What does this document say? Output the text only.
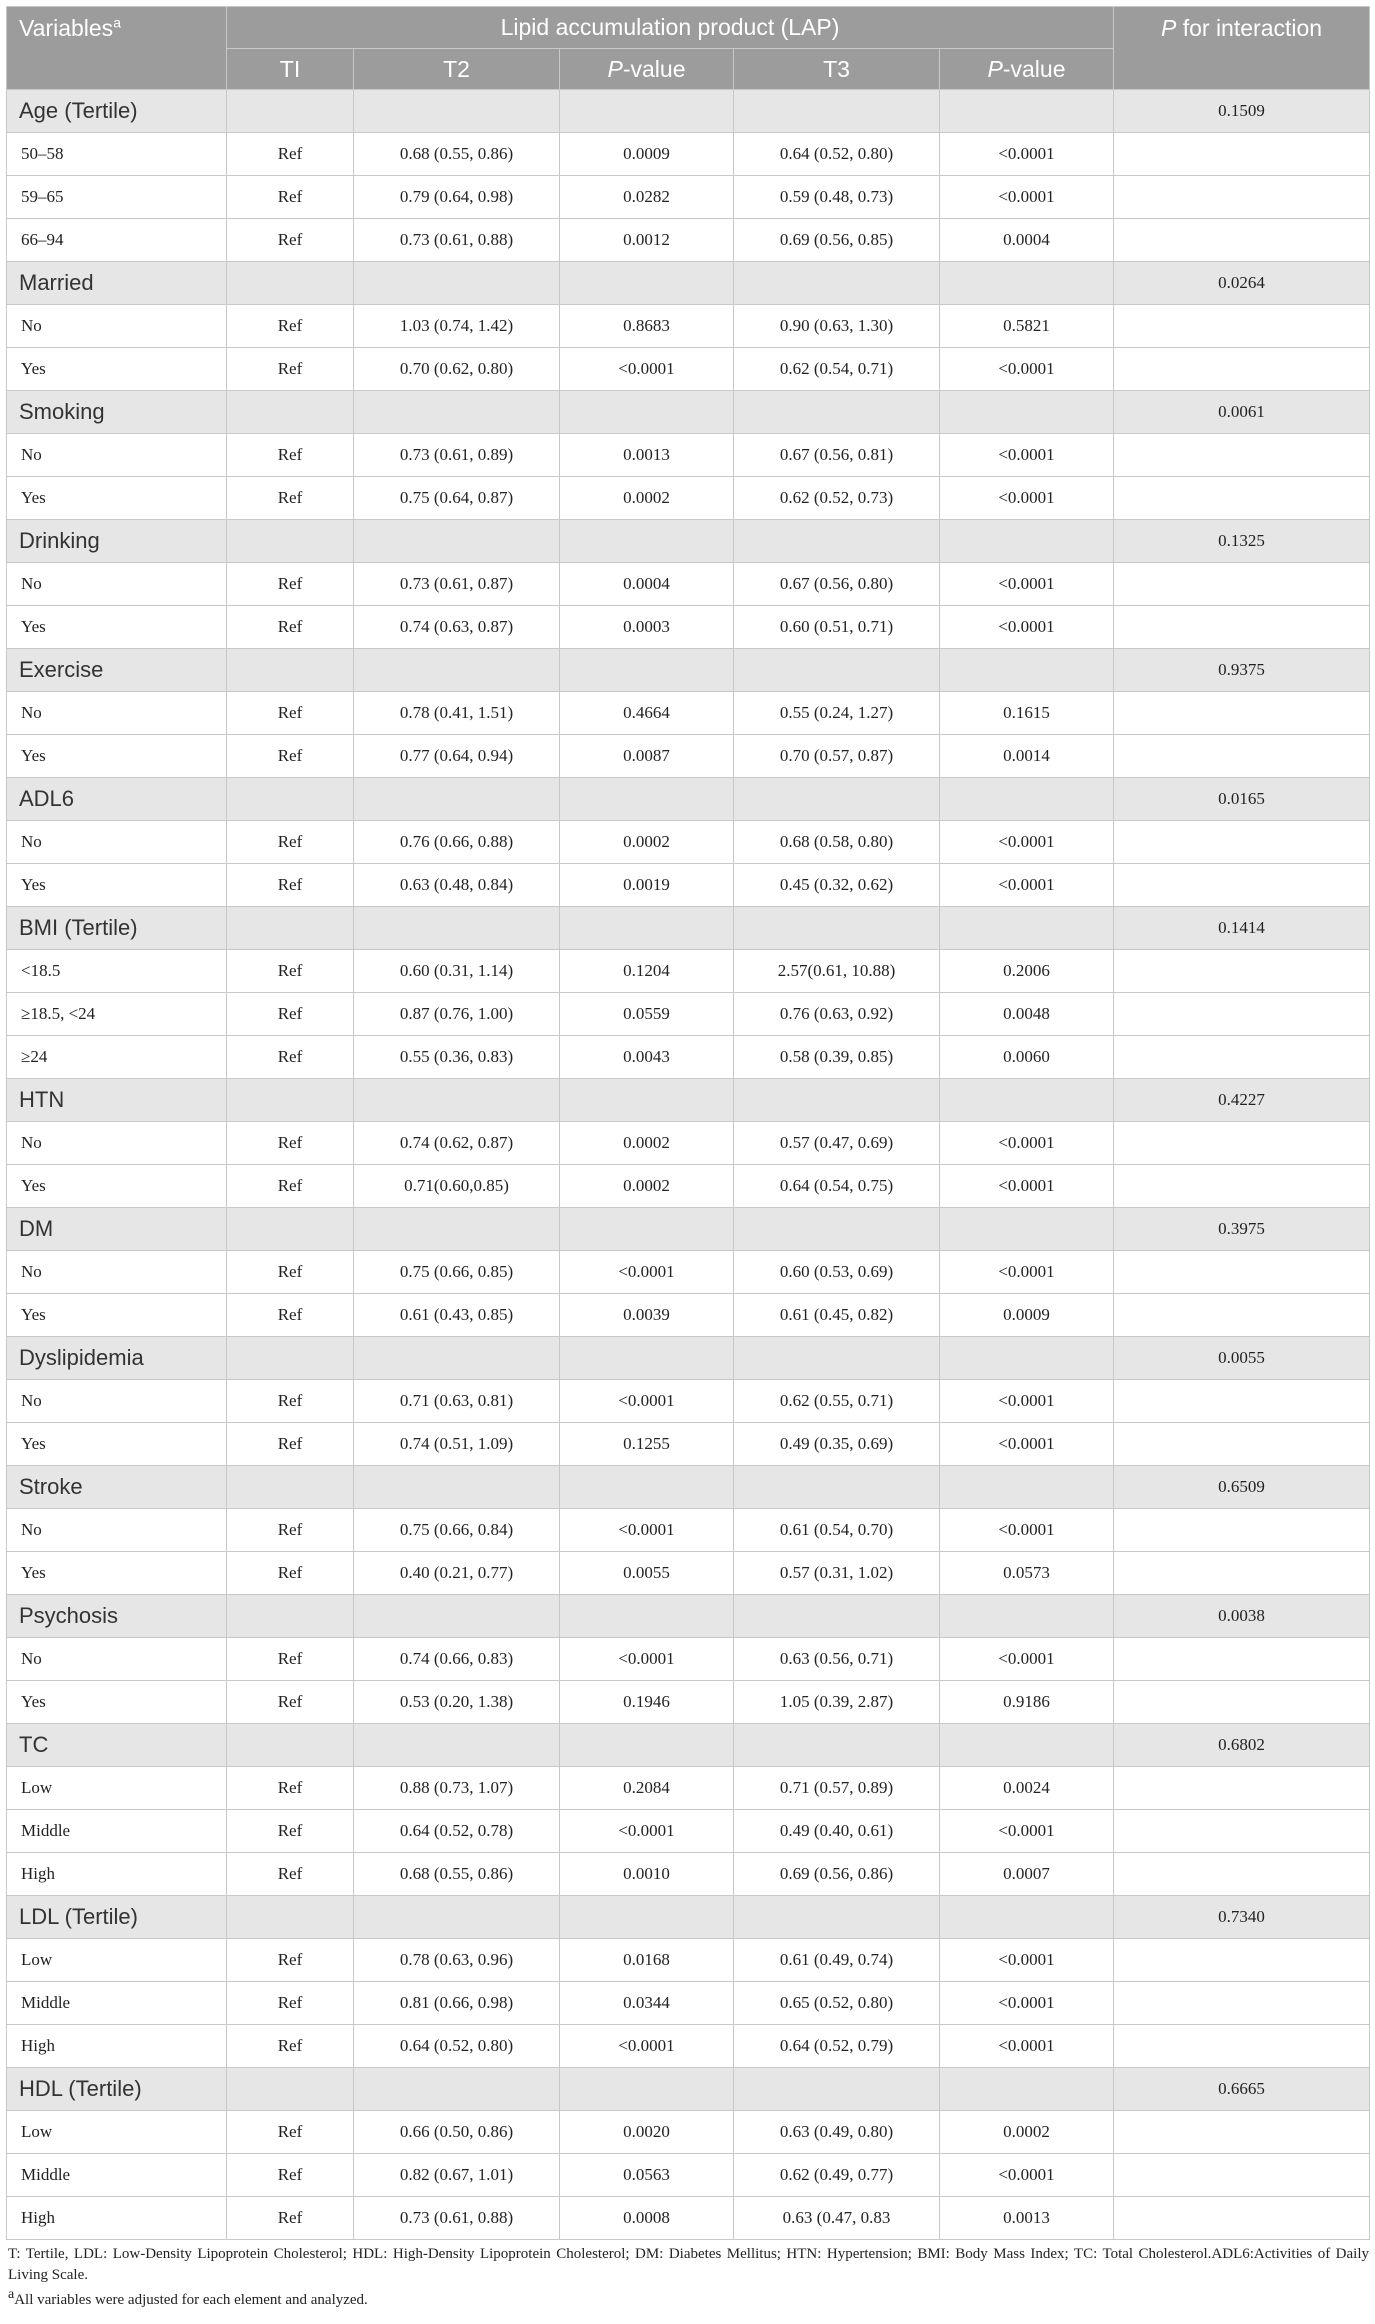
Variables$^a$	Lipid accumulation product (LAP)					P for interaction
	TI	T2	P-value	T3	P-value	
Age (Tertile)						0.1509
50–58	Ref	0.68 (0.55, 0.86)	0.0009	0.64 (0.52, 0.80)	<0.0001	
59–65	Ref	0.79 (0.64, 0.98)	0.0282	0.59 (0.48, 0.73)	<0.0001	
66–94	Ref	0.73 (0.61, 0.88)	0.0012	0.69 (0.56, 0.85)	0.0004	
Married						0.0264
No	Ref	1.03 (0.74, 1.42)	0.8683	0.90 (0.63, 1.30)	0.5821	
Yes	Ref	0.70 (0.62, 0.80)	<0.0001	0.62 (0.54, 0.71)	<0.0001	
Smoking						0.0061
No	Ref	0.73 (0.61, 0.89)	0.0013	0.67 (0.56, 0.81)	<0.0001	
Yes	Ref	0.75 (0.64, 0.87)	0.0002	0.62 (0.52, 0.73)	<0.0001	
Drinking						0.1325
No	Ref	0.73 (0.61, 0.87)	0.0004	0.67 (0.56, 0.80)	<0.0001	
Yes	Ref	0.74 (0.63, 0.87)	0.0003	0.60 (0.51, 0.71)	<0.0001	
Exercise						0.9375
No	Ref	0.78 (0.41, 1.51)	0.4664	0.55 (0.24, 1.27)	0.1615	
Yes	Ref	0.77 (0.64, 0.94)	0.0087	0.70 (0.57, 0.87)	0.0014	
ADL6						0.0165
No	Ref	0.76 (0.66, 0.88)	0.0002	0.68 (0.58, 0.80)	<0.0001	
Yes	Ref	0.63 (0.48, 0.84)	0.0019	0.45 (0.32, 0.62)	<0.0001	
BMI (Tertile)						0.1414
<18.5	Ref	0.60 (0.31, 1.14)	0.1204	2.57(0.61, 10.88)	0.2006	
≥18.5, <24	Ref	0.87 (0.76, 1.00)	0.0559	0.76 (0.63, 0.92)	0.0048	
≥24	Ref	0.55 (0.36, 0.83)	0.0043	0.58 (0.39, 0.85)	0.0060	
HTN						0.4227
No	Ref	0.74 (0.62, 0.87)	0.0002	0.57 (0.47, 0.69)	<0.0001	
Yes	Ref	0.71(0.60,0.85)	0.0002	0.64 (0.54, 0.75)	<0.0001	
DM						0.3975
No	Ref	0.75 (0.66, 0.85)	<0.0001	0.60 (0.53, 0.69)	<0.0001	
Yes	Ref	0.61 (0.43, 0.85)	0.0039	0.61 (0.45, 0.82)	0.0009	
Dyslipidemia						0.0055
No	Ref	0.71 (0.63, 0.81)	<0.0001	0.62 (0.55, 0.71)	<0.0001	
Yes	Ref	0.74 (0.51, 1.09)	0.1255	0.49 (0.35, 0.69)	<0.0001	
Stroke						0.6509
No	Ref	0.75 (0.66, 0.84)	<0.0001	0.61 (0.54, 0.70)	<0.0001	
Yes	Ref	0.40 (0.21, 0.77)	0.0055	0.57 (0.31, 1.02)	0.0573	
Psychosis						0.0038
No	Ref	0.74 (0.66, 0.83)	<0.0001	0.63 (0.56, 0.71)	<0.0001	
Yes	Ref	0.53 (0.20, 1.38)	0.1946	1.05 (0.39, 2.87)	0.9186	
TC						0.6802
Low	Ref	0.88 (0.73, 1.07)	0.2084	0.71 (0.57, 0.89)	0.0024	
Middle	Ref	0.64 (0.52, 0.78)	<0.0001	0.49 (0.40, 0.61)	<0.0001	
High	Ref	0.68 (0.55, 0.86)	0.0010	0.69 (0.56, 0.86)	0.0007	
LDL (Tertile)						0.7340
Low	Ref	0.78 (0.63, 0.96)	0.0168	0.61 (0.49, 0.74)	<0.0001	
Middle	Ref	0.81 (0.66, 0.98)	0.0344	0.65 (0.52, 0.80)	<0.0001	
High	Ref	0.64 (0.52, 0.80)	<0.0001	0.64 (0.52, 0.79)	<0.0001	
HDL (Tertile)						0.6665
Low	Ref	0.66 (0.50, 0.86)	0.0020	0.63 (0.49, 0.80)	0.0002	
Middle	Ref	0.82 (0.67, 1.01)	0.0563	0.62 (0.49, 0.77)	<0.0001	
High	Ref	0.73 (0.61, 0.88)	0.0008	0.63 (0.47, 0.83	0.0013	
T: Tertile, LDL: Low-Density Lipoprotein Cholesterol; HDL: High-Density Lipoprotein Cholesterol; DM: Diabetes Mellitus; HTN: Hypertension; BMI: Body Mass Index; TC: Total Cholesterol.ADL6:Activities of Daily Living Scale.
aAll variables were adjusted for each element and analyzed.
